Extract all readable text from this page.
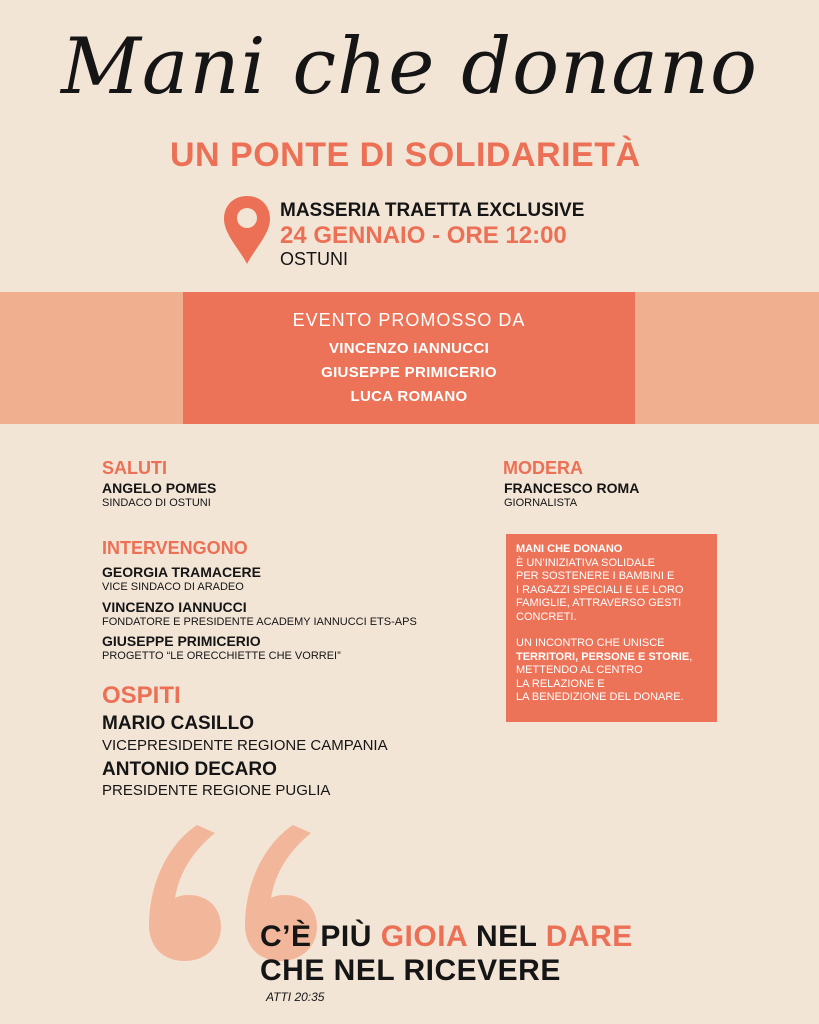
Mani che donano
UN PONTE DI SOLIDARIETÀ
MASSERIA TRAETTA EXCLUSIVE
24 GENNAIO - ORE 12:00
OSTUNI
EVENTO PROMOSSO DA
VINCENZO IANNUCCI
GIUSEPPE PRIMICERIO
LUCA ROMANO
SALUTI
ANGELO POMES
SINDACO DI OSTUNI
MODERA
FRANCESCO ROMA
GIORNALISTA
INTERVENGONO
GEORGIA TRAMACERE
VICE SINDACO DI ARADEO
VINCENZO IANNUCCI
FONDATORE E PRESIDENTE ACADEMY IANNUCCI ETS-APS
GIUSEPPE PRIMICERIO
PROGETTO “LE ORECCHIETTE CHE VORREI”
OSPITI
MARIO CASILLO
VICEPRESIDENTE REGIONE CAMPANIA
ANTONIO DECARO
PRESIDENTE REGIONE PUGLIA
MANI CHE DONANO
È UN’INIZIATIVA SOLIDALE
PER SOSTENERE I BAMBINI E
I RAGAZZI SPECIALI E LE LORO
FAMIGLIE, ATTRAVERSO GESTI
CONCRETI.
UN INCONTRO CHE UNISCE
TERRITORI, PERSONE E STORIE,
METTENDO AL CENTRO
LA RELAZIONE E
LA BENEDIZIONE DEL DONARE.
C’È PIÙ GIOIA NEL DARE
CHE NEL RICEVERE
ATTI 20:35
